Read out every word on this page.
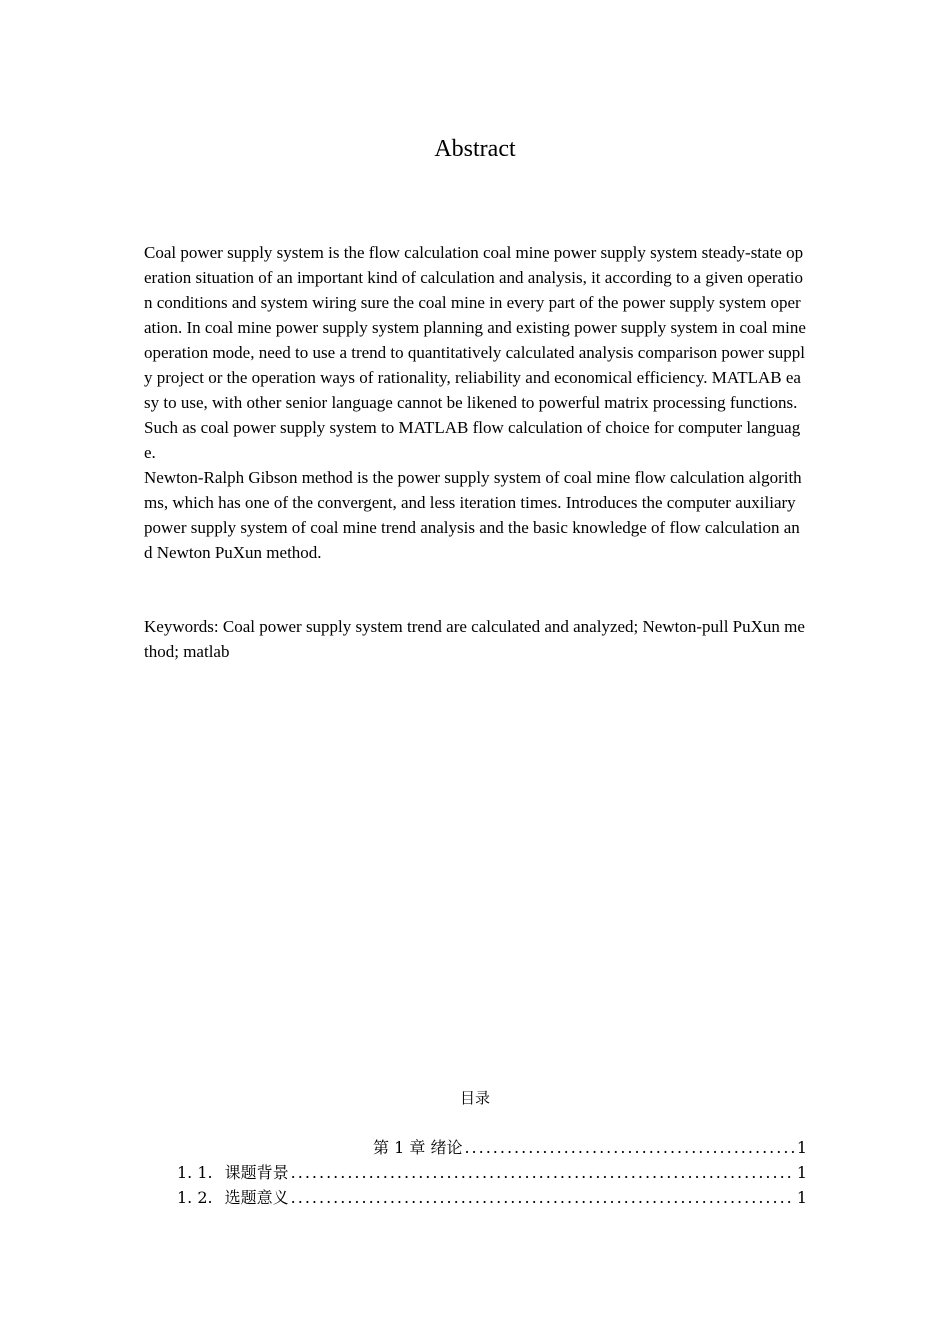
Abstract

Coal power supply system is the flow calculation coal mine power supply system steady-state operation situation of an important kind of calculation and analysis, it according to a given operation conditions and system wiring sure the coal mine in every part of the power supply system operation. In coal mine power supply system planning and existing power supply system in coal mine operation mode, need to use a trend to quantitatively calculated analysis comparison power supply project or the operation ways of rationality, reliability and economical efficiency. MATLAB easy to use, with other senior language cannot be likened to powerful matrix processing functions. Such as coal power supply system to MATLAB flow calculation of choice for computer language.

Newton-Ralph Gibson method is the power supply system of coal mine flow calculation algorithms, which has one of the convergent, and less iteration times. Introduces the computer auxiliary power supply system of coal mine trend analysis and the basic knowledge of flow calculation and Newton PuXun method.

Keywords: Coal power supply system trend are calculated and analyzed; Newton-pull PuXun method; matlab
目录
第 1 章 绪论 .....	1
1. 1. 课题背景 .....	1
1. 2. 选题意义 .....	1
